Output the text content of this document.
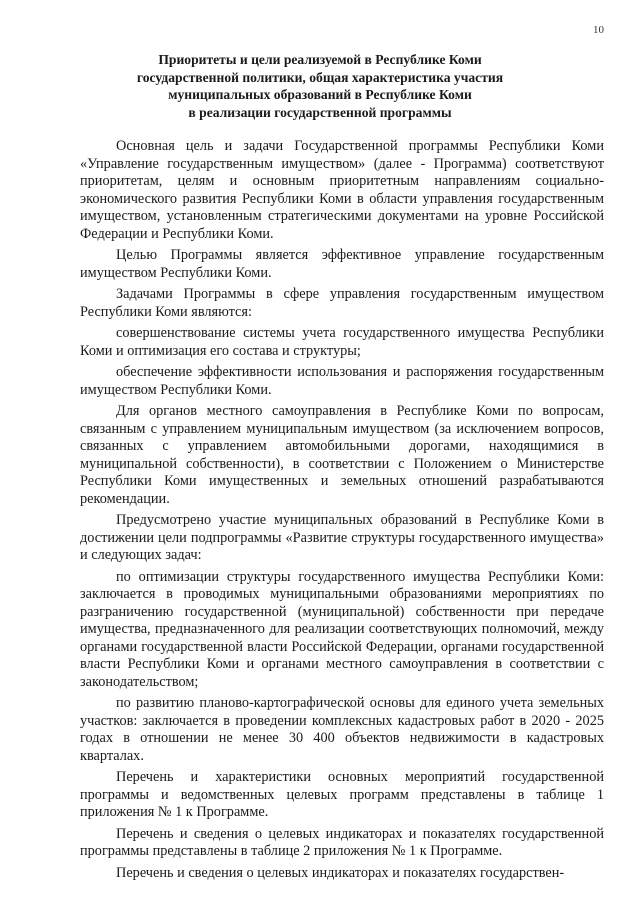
10
Приоритеты и цели реализуемой в Республике Коми
государственной политики, общая характеристика участия
муниципальных образований в Республике Коми
в реализации государственной программы

Основная цель и задачи Государственной программы Республики Коми «Управление государственным имуществом» (далее - Программа) соответствуют приоритетам, целям и основным приоритетным направлениям социально-экономического развития Республики Коми в области управления государственным имуществом, установленным стратегическими документами на уровне Российской Федерации и Республики Коми.

Целью Программы является эффективное управление государственным имуществом Республики Коми.

Задачами Программы в сфере управления государственным имуществом Республики Коми являются:

совершенствование системы учета государственного имущества Республики Коми и оптимизация его состава и структуры;

обеспечение эффективности использования и распоряжения государственным имуществом Республики Коми.

Для органов местного самоуправления в Республике Коми по вопросам, связанным с управлением муниципальным имуществом (за исключением вопросов, связанных с управлением автомобильными дорогами, находящимися в муниципальной собственности), в соответствии с Положением о Министерстве Республики Коми имущественных и земельных отношений разрабатываются рекомендации.

Предусмотрено участие муниципальных образований в Республике Коми в достижении цели подпрограммы «Развитие структуры государственного имущества» и следующих задач:

по оптимизации структуры государственного имущества Республики Коми: заключается в проводимых муниципальными образованиями мероприятиях по разграничению государственной (муниципальной) собственности при передаче имущества, предназначенного для реализации соответствующих полномочий, между органами государственной власти Российской Федерации, органами государственной власти Республики Коми и органами местного самоуправления в соответствии с законодательством;

по развитию планово-картографической основы для единого учета земельных участков: заключается в проведении комплексных кадастровых работ в 2020 - 2025 годах в отношении не менее 30 400 объектов недвижимости в кадастровых кварталах.

Перечень и характеристики основных мероприятий государственной программы и ведомственных целевых программ представлены в таблице 1 приложения № 1 к Программе.

Перечень и сведения о целевых индикаторах и показателях государственной программы представлены в таблице 2 приложения № 1 к Программе.

Перечень и сведения о целевых индикаторах и показателях государствен-
